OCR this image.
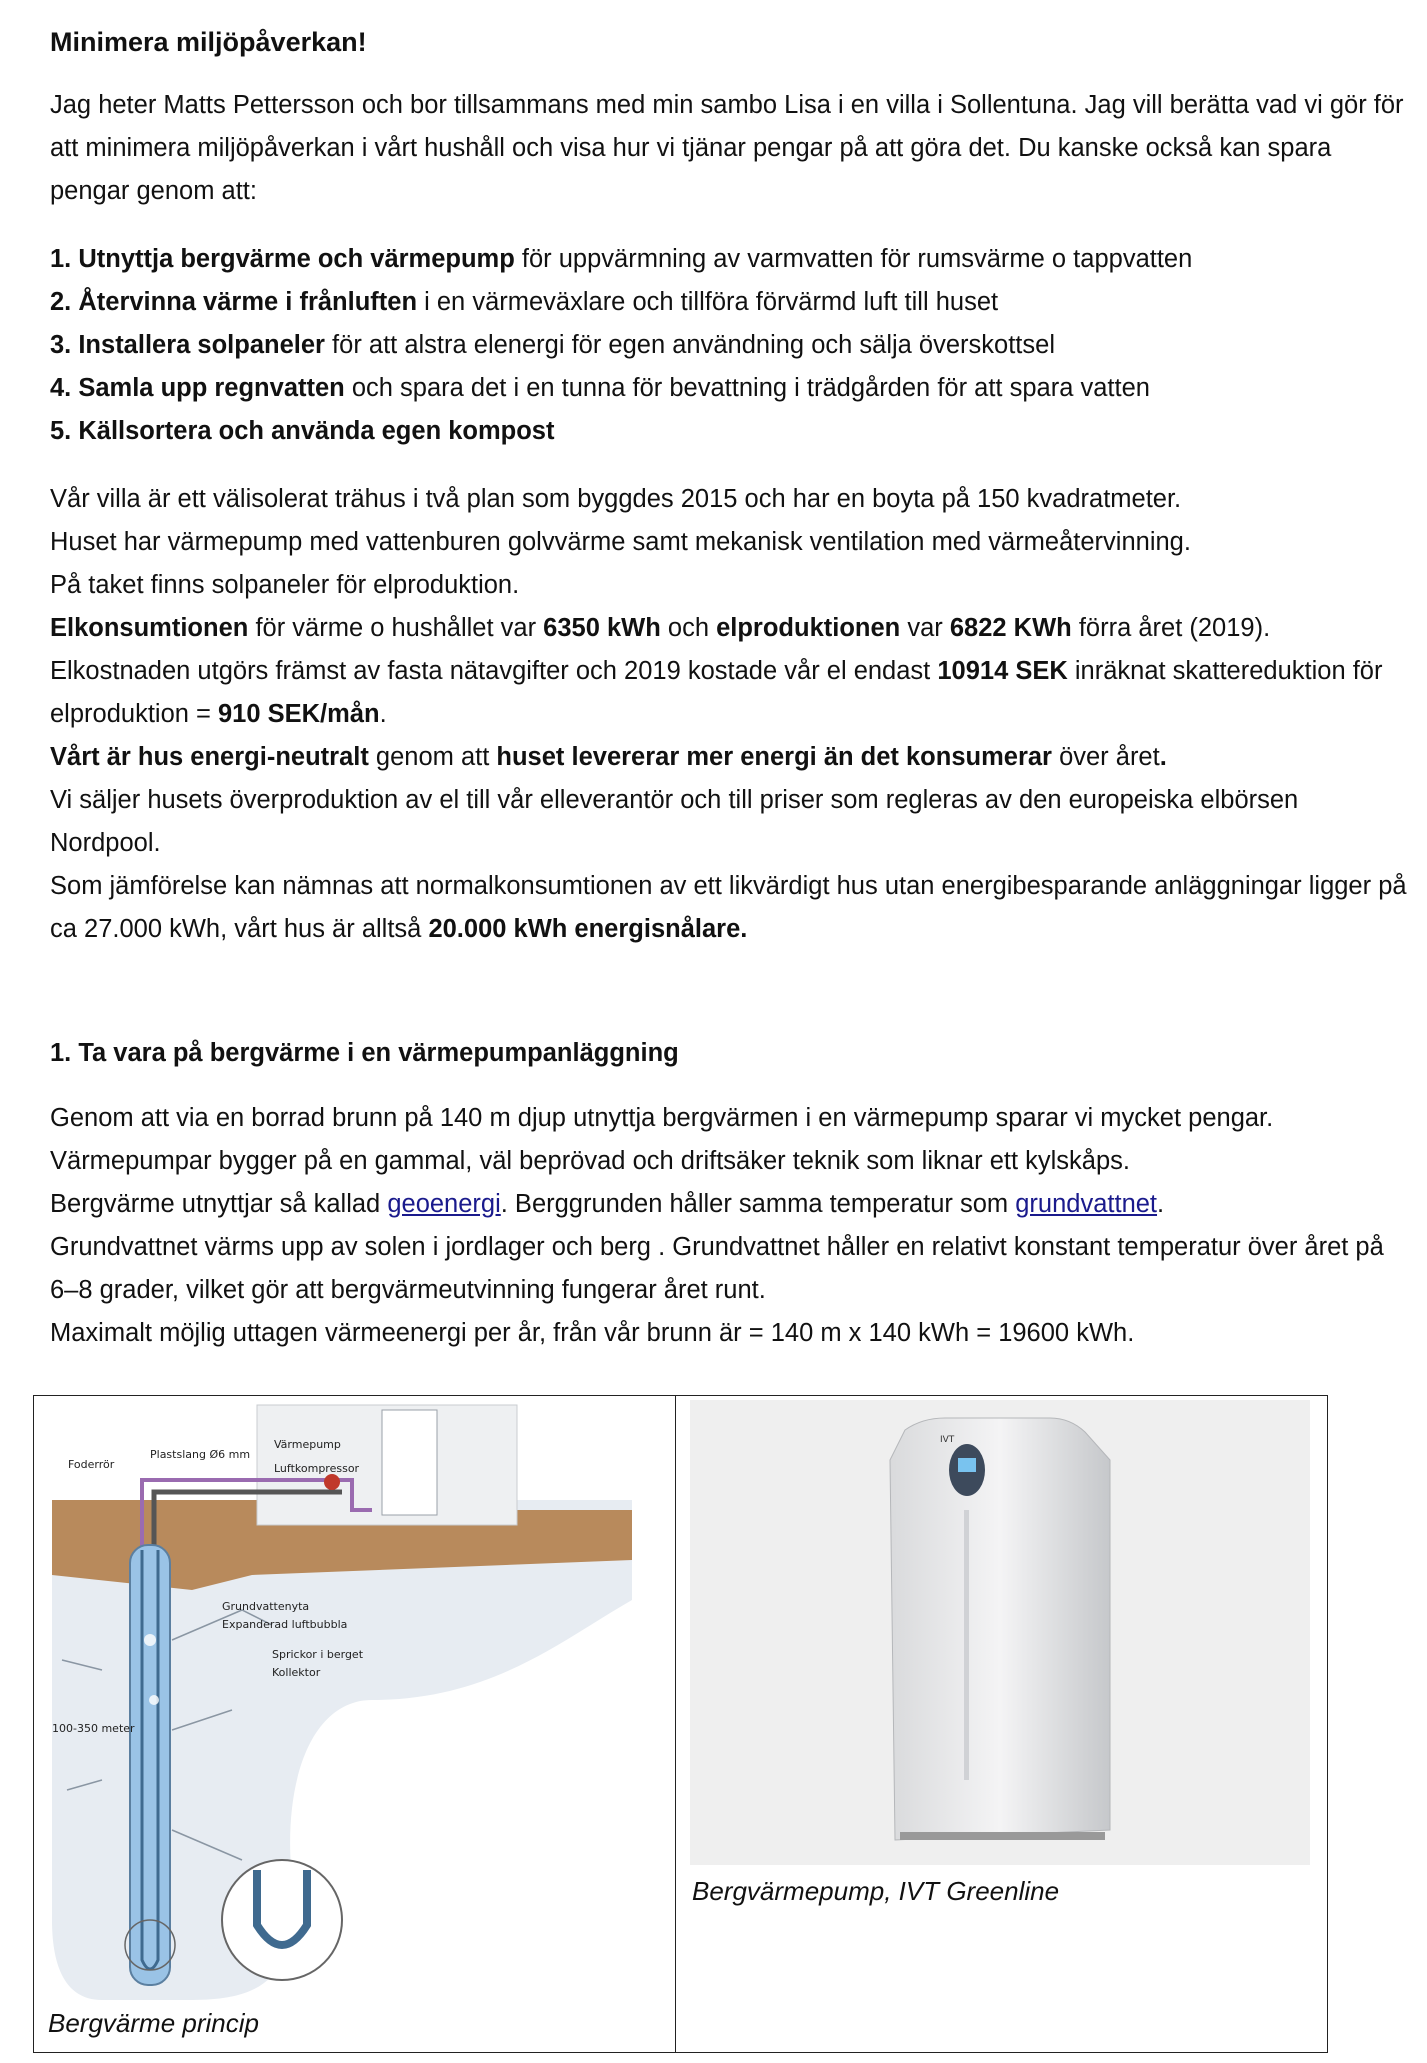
Minimera miljöpåverkan!

Jag heter Matts Pettersson och bor tillsammans med min sambo Lisa i en villa i Sollentuna. Jag vill berätta vad vi gör för att minimera miljöpåverkan i vårt hushåll och visa hur vi tjänar pengar på att göra det. Du kanske också kan spara pengar genom att:

1. Utnyttja bergvärme och värmepump för uppvärmning av varmvatten för rumsvärme o tappvatten
2. Återvinna värme i frånluften i en värmeväxlare och tillföra förvärmd luft till huset
3. Installera solpaneler för att alstra elenergi för egen användning och sälja överskottsel
4. Samla upp regnvatten och spara det i en tunna för bevattning i trädgården för att spara vatten
5. Källsortera och använda egen kompost

Vår villa är ett välisolerat trähus i två plan som byggdes 2015 och har en boyta på 150 kvadratmeter.

Huset har värmepump med vattenburen golvvärme samt mekanisk ventilation med värmeåtervinning.

På taket finns solpaneler för elproduktion.

Elkonsumtionen för värme o hushållet var 6350 kWh och elproduktionen var 6822 KWh förra året (2019).

Elkostnaden utgörs främst av fasta nätavgifter och 2019 kostade vår el endast 10914 SEK inräknat skattereduktion för elproduktion = 910 SEK/mån.

Vårt är hus energi-neutralt genom att huset levererar mer energi än det konsumerar över året.

Vi säljer husets överproduktion av el till vår elleverantör och till priser som regleras av den europeiska elbörsen Nordpool.

Som jämförelse kan nämnas att normalkonsumtionen av ett likvärdigt hus utan energibesparande anläggningar ligger på ca 27.000 kWh, vårt hus är alltså 20.000 kWh energisnålare.

1. Ta vara på bergvärme i en värmepumpanläggning

Genom att via en borrad brunn på 140 m djup utnyttja bergvärmen i en värmepump sparar vi mycket pengar.

Värmepumpar bygger på en gammal, väl beprövad och driftsäker teknik som liknar ett kylskåps.

Bergvärme utnyttjar så kallad geoenergi. Berggrunden håller samma temperatur som grundvattnet.

Grundvattnet värms upp av solen i jordlager och berg . Grundvattnet håller en relativt konstant temperatur över året på 6–8 grader, vilket gör att bergvärmeutvinning fungerar året runt.

Maximalt möjlig uttagen värmeenergi per år, från vår brunn är = 140 m x 140 kWh = 19600 kWh.

Foderrör
Plastslang Ø6 mm
Värmepump
Luftkompressor
Grundvattenyta
Expanderad luftbubbla
Sprickor i berget
Kollektor
100-350 meter
Bergvärme princip
IVT
Bergvärmepump, IVT Greenline
